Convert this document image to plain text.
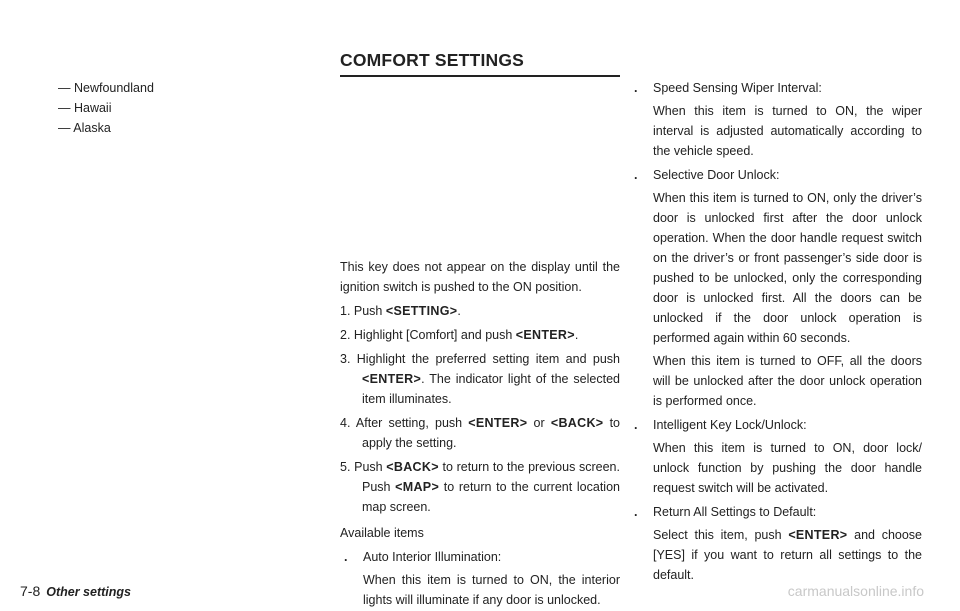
— Newfoundland

— Hawaii

— Alaska

COMFORT SETTINGS

This key does not appear on the display until the ignition switch is pushed to the ON position.

1. Push <SETTING>.

2. Highlight [Comfort] and push <ENTER>.

3. Highlight the preferred setting item and push <ENTER>. The indicator light of the selected item illuminates.

4. After setting, push <ENTER> or <BACK> to apply the setting.

5. Push <BACK> to return to the previous screen. Push <MAP> to return to the current location map screen.

Available items

. Auto Interior Illumination:

When this item is turned to ON, the interior lights will illuminate if any door is unlocked.

. Speed Sensing Wiper Interval:

When this item is turned to ON, the wiper interval is adjusted automatically according to the vehicle speed.

. Selective Door Unlock:

When this item is turned to ON, only the driver’s door is unlocked first after the door unlock operation. When the door handle request switch on the driver’s or front passenger’s side door is pushed to be unlocked, only the corresponding door is unlocked first. All the doors can be unlocked if the door unlock operation is performed again within 60 seconds.

When this item is turned to OFF, all the doors will be unlocked after the door unlock operation is performed once.

. Intelligent Key Lock/Unlock:

When this item is turned to ON, door lock/ unlock function by pushing the door handle request switch will be activated.

. Return All Settings to Default:

Select this item, push <ENTER> and choose [YES] if you want to return all settings to the default.

7-8 Other settings	carmanualsonline.info
